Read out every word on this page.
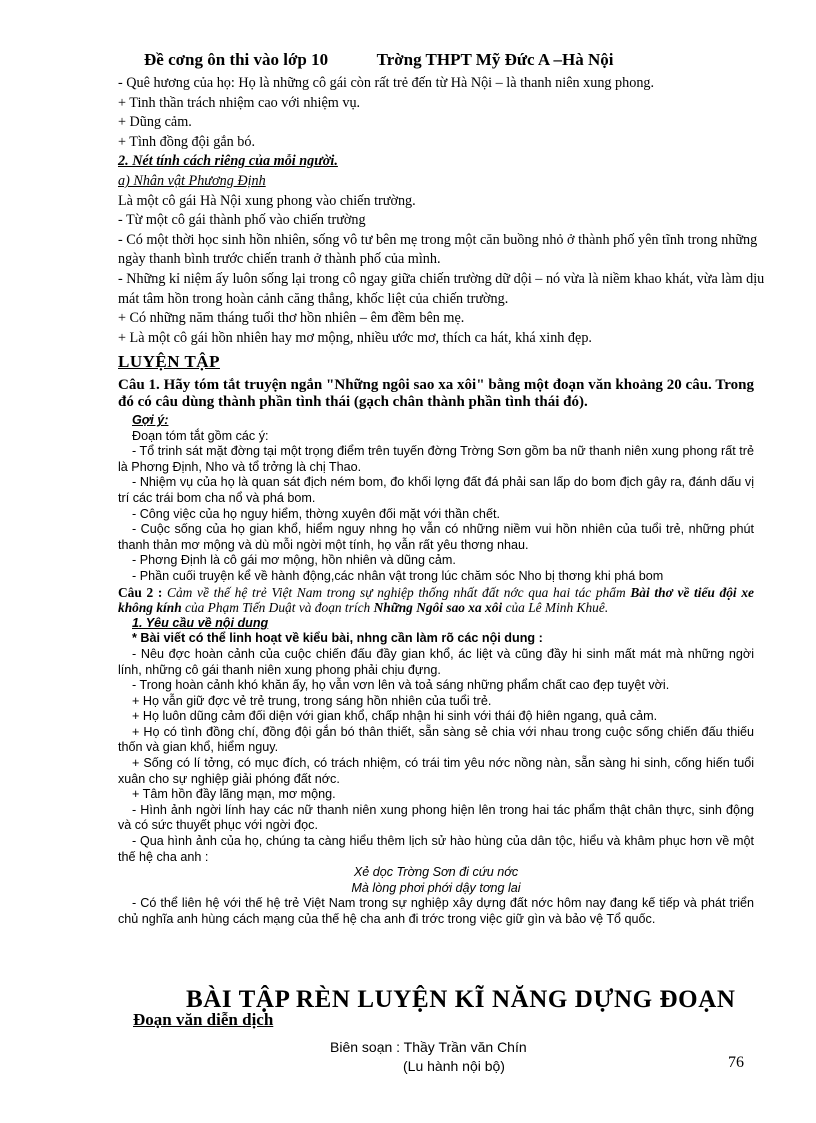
Đề cơng ôn thi vào lớp 10	Trờng THPT Mỹ Đức A –Hà Nội

- Quê hương của họ: Họ là những cô gái còn rất trẻ đến từ Hà Nội – là thanh niên xung phong.

+ Tinh thần trách nhiệm cao với nhiệm vụ.

+ Dũng cảm.

+ Tình đồng đội gắn bó.

2. Nét tính cách riêng của mỗi người.

a) Nhân vật Phương Định

Là một cô gái Hà Nội xung phong vào chiến trường.

- Từ một cô gái thành phố vào chiến trường

- Có một thời học sinh hồn nhiên, sống vô tư bên mẹ trong một căn buồng nhỏ ở thành phố yên tĩnh trong những ngày thanh bình trước chiến tranh ở thành phố của mình.

- Những kỉ niệm ấy luôn sống lại trong cô ngay giữa chiến trường dữ dội – nó vừa là niềm khao khát, vừa làm dịu mát tâm hồn trong hoàn cảnh căng thẳng, khốc liệt của chiến trường.

+ Có những năm tháng tuổi thơ hồn nhiên – êm đềm bên mẹ.

+ Là một cô gái hồn nhiên hay mơ mộng, nhiều ước mơ, thích ca hát, khá xinh đẹp.

LUYỆN TẬP

Câu 1. Hãy tóm tắt truyện ngắn "Những ngôi sao xa xôi" bằng một đoạn văn khoảng 20 câu. Trong đó có câu dùng thành phần tình thái (gạch chân thành phần tình thái đó).

Gợi ý:

Đoạn tóm tắt gồm các ý:

- Tổ trinh sát mặt đờng tại một trọng điểm trên tuyến đờng Trờng Sơn gồm ba nữ thanh niên xung phong rất trẻ là Phơng Định, Nho và tổ trởng là chị Thao.

- Nhiệm vụ của họ là quan sát địch ném bom, đo khối lợng đất đá phải san lấp do bom địch gây ra, đánh dấu vị trí các trái bom cha nổ và phá bom.

- Công việc của họ nguy hiểm, thờng xuyên đối mặt với thần chết.

- Cuộc sống của họ gian khổ, hiểm nguy nhng họ vẫn có những niềm vui hồn nhiên của tuổi trẻ, những phút thanh thản mơ mộng và dù mỗi ngời một tính, họ vẫn rất yêu thơng nhau.

- Phơng Định là cô gái mơ mộng, hồn nhiên và dũng cảm.

- Phần cuối truyện kể về hành động,các nhân vật trong lúc chăm sóc Nho bị thơng khi phá bom

Câu 2 : Cảm về thế hệ trẻ Việt Nam trong sự nghiệp thống nhất đất nớc qua hai tác phẩm Bài thơ về tiểu đội xe không kính của Phạm Tiến Duật và đoạn trích Những Ngôi sao xa xôi của Lê Minh Khuê.

1. Yêu cầu về nội dung

* Bài viết có thể linh hoạt về kiểu bài, nhng cần làm rõ các nội dung :

- Nêu đợc hoàn cảnh của cuộc chiến đấu đầy gian khổ, ác liệt và cũng đầy hi sinh mất mát mà những ngời lính, những cô gái thanh niên xung phong phải chịu đựng.

- Trong hoàn cảnh khó khăn ấy, họ vẫn vơn lên và toả sáng những phẩm chất cao đẹp tuyệt vời.

+ Họ vẫn giữ đợc vẻ trẻ trung, trong sáng hồn nhiên của tuổi trẻ.

+ Họ luôn dũng cảm đối diện với gian khổ, chấp nhận hi sinh với thái độ hiên ngang, quả cảm.

+ Họ có tình đồng chí, đồng đội gắn bó thân thiết, sẵn sàng sẻ chia với nhau trong cuộc sống chiến đấu thiếu thốn và gian khổ, hiểm nguy.

+ Sống có lí tởng, có mục đích, có trách nhiệm, có trái tim yêu nớc nồng nàn, sẵn sàng hi sinh, cống hiến tuổi xuân cho sự nghiệp giải phóng đất nớc.

+ Tâm hồn đầy lãng mạn, mơ mộng.

- Hình ảnh ngời lính hay các nữ thanh niên xung phong hiện lên trong hai tác phẩm thật chân thực, sinh động và có sức thuyết phục với ngời đọc.

- Qua hình ảnh của họ, chúng ta càng hiểu thêm lịch sử hào hùng của dân tộc, hiểu và khâm phục hơn về một thế hệ cha anh :

Xẻ dọc Trờng Sơn đi cứu nớc

Mà lòng phơi phới dậy tơng lai

- Có thể liên hệ với thế hệ trẻ Việt Nam trong sự nghiệp xây dựng đất nớc hôm nay đang kế tiếp và phát triển chủ nghĩa anh hùng cách mạng của thế hệ cha anh đi trớc trong việc giữ gìn và bảo vệ Tổ quốc.

BÀI TẬP RÈN LUYỆN KĨ NĂNG DỰNG ĐOẠN
Đoạn văn diễn dịch
Biên soạn : Thầy Trần văn Chín
(Lu hành nội bộ)	76
